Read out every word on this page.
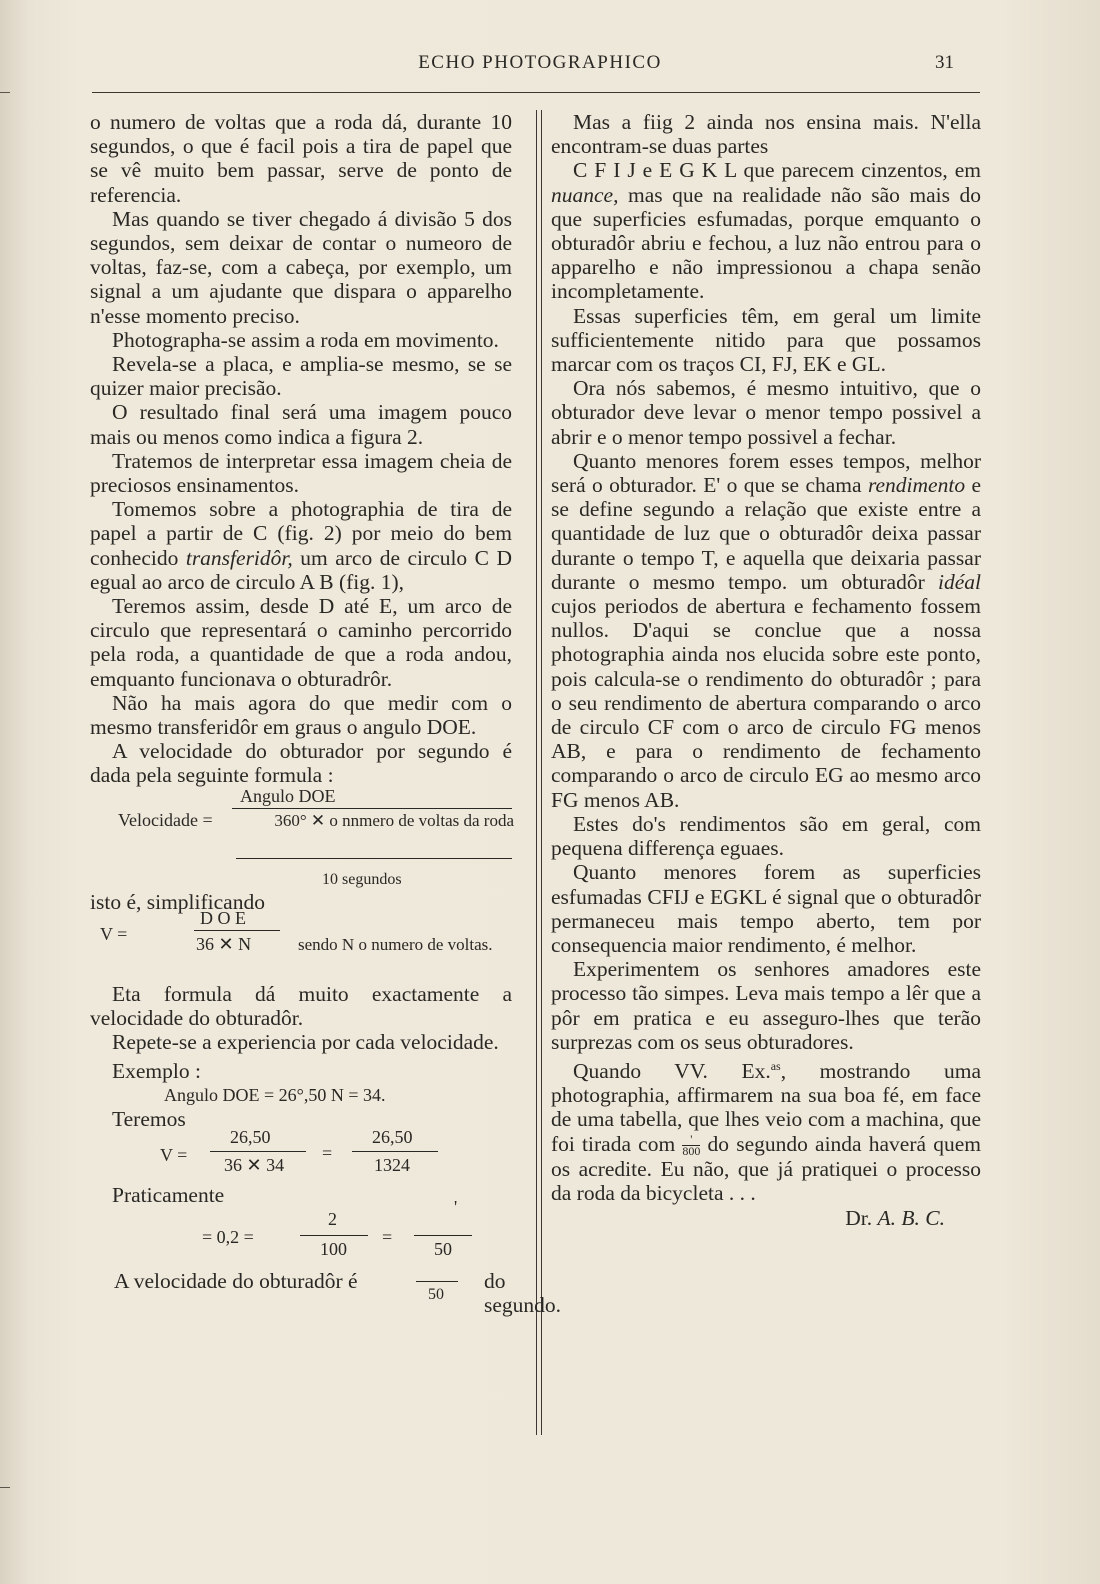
ECHO PHOTOGRAPHICO	31

o numero de voltas que a roda dá, durante 10 segundos, o que é facil pois a tira de papel que se vê muito bem passar, serve de ponto de referencia.

Mas quando se tiver chegado á divisão 5 dos segundos, sem deixar de contar o numeoro de voltas, faz-se, com a cabeça, por exemplo, um signal a um ajudante que dispara o apparelho n'esse momento preciso.

Photographa-se assim a roda em movimento.

Revela-se a placa, e amplia-se mesmo, se se quizer maior precisão.

O resultado final será uma imagem pouco mais ou menos como indica a figura 2.

Tratemos de interpretar essa imagem cheia de preciosos ensinamentos.

Tomemos sobre a photographia de tira de papel a partir de C (fig. 2) por meio do bem conhecido transferidôr, um arco de circulo C D egual ao arco de circulo A B (fig. 1),

Teremos assim, desde D até E, um arco de circulo que representará o caminho percorrido pela roda, a quantidade de que a roda andou, emquanto funcionava o obturadrôr.

Não ha mais agora do que medir com o mesmo transferidôr em graus o angulo DOE.

A velocidade do obturador por segundo é dada pela seguinte formula :

Velocidade =
Angulo DOE
360° ✕ o nnmero de voltas da roda
10 segundos

isto é, simplificando

V =
D O E
36 ✕ N	sendo N o numero de voltas.

Eta formula dá muito exactamente a velocidade do obturadôr.

Repete-se a experiencia por cada velocidade.

Exemplo :

Angulo DOE = 26°,50 N = 34.

Teremos

V =
26,50
36 ✕ 34
=
26,50
1324

Praticamente

= 0,2 =
2
100
=
'
50
A velocidade do obturadôr é
50
do segundo.

Mas a fiig 2 ainda nos ensina mais. N'ella encontram-se duas partes

C F I J e E G K L que parecem cinzentos, em nuance, mas que na realidade não são mais do que superficies esfumadas, porque emquanto o obturadôr abriu e fechou, a luz não entrou para o apparelho e não impressionou a chapa senão incompletamente.

Essas superficies têm, em geral um limite sufficientemente nitido para que possamos marcar com os traços CI, FJ, EK e GL.

Ora nós sabemos, é mesmo intuitivo, que o obturador deve levar o menor tempo possivel a abrir e o menor tempo possivel a fechar.

Quanto menores forem esses tempos, melhor será o obturador. E' o que se chama rendimento e se define segundo a relação que existe entre a quantidade de luz que o obturadôr deixa passar durante o tempo T, e aquella que deixaria passar durante o mesmo tempo. um obturadôr idéal cujos periodos de abertura e fechamento fossem nullos. D'aqui se conclue que a nossa photographia ainda nos elucida sobre este ponto, pois calcula-se o rendimento do obturadôr ; para o seu rendimento de abertura comparando o arco de circulo CF com o arco de circulo FG menos AB, e para o rendimento de fechamento comparando o arco de circulo EG ao mesmo arco FG menos AB.

Estes do's rendimentos são em geral, com pequena differença eguaes.

Quanto menores forem as superficies esfumadas CFIJ e EGKL é signal que o obturadôr permaneceu mais tempo aberto, tem por consequencia maior rendimento, é melhor.

Experimentem os senhores amadores este processo tão simpes. Leva mais tempo a lêr que a pôr em pratica e eu asseguro-lhes que terão surprezas com os seus obturadores.

Quando VV. Ex.$^{as}$, mostrando uma photographia, affirmarem na sua boa fé, em face de uma tabella, que lhes veio com a machina, que foi tirada com	'
800 do segundo ainda haverá quem os acredite. Eu não, que já pratiquei o processo da roda da bicycleta . . .

Dr. A. B. C.
